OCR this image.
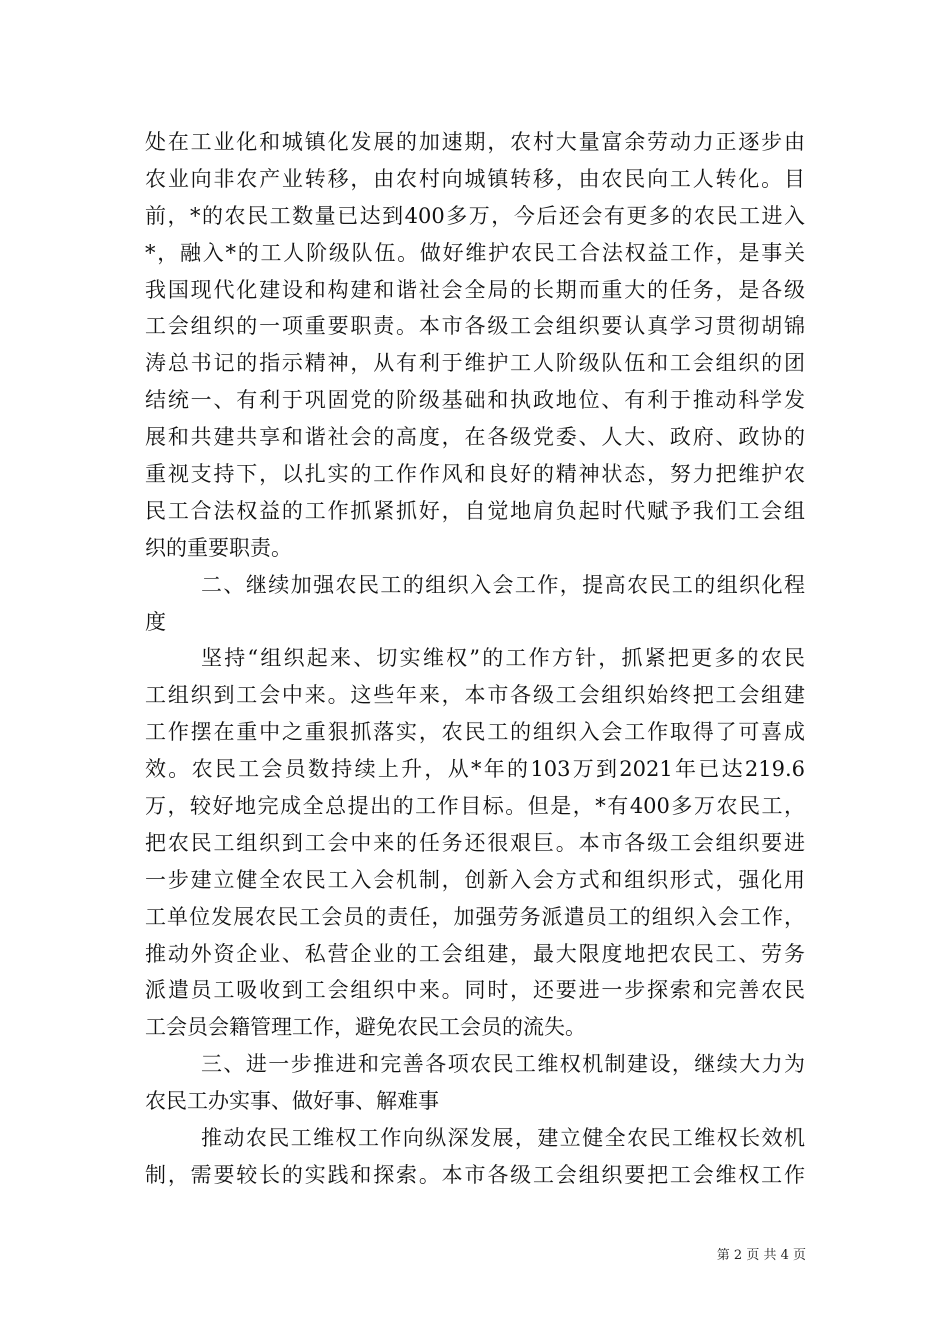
处在工业化和城镇化发展的加速期，农村大量富余劳动力正逐步由
农业向非农产业转移，由农村向城镇转移，由农民向工人转化。目
前，*的农民工数量已达到400多万，今后还会有更多的农民工进入
*，融入*的工人阶级队伍。做好维护农民工合法权益工作，是事关
我国现代化建设和构建和谐社会全局的长期而重大的任务，是各级
工会组织的一项重要职责。本市各级工会组织要认真学习贯彻胡锦
涛总书记的指示精神，从有利于维护工人阶级队伍和工会组织的团
结统一、有利于巩固党的阶级基础和执政地位、有利于推动科学发
展和共建共享和谐社会的高度，在各级党委、人大、政府、政协的
重视支持下，以扎实的工作作风和良好的精神状态，努力把维护农
民工合法权益的工作抓紧抓好，自觉地肩负起时代赋予我们工会组
织的重要职责。
二、继续加强农民工的组织入会工作，提高农民工的组织化程
度
坚持“组织起来、切实维权”的工作方针，抓紧把更多的农民
工组织到工会中来。这些年来，本市各级工会组织始终把工会组建
工作摆在重中之重狠抓落实，农民工的组织入会工作取得了可喜成
效。农民工会员数持续上升，从*年的103万到2021年已达219.6
万，较好地完成全总提出的工作目标。但是，*有400多万农民工，
把农民工组织到工会中来的任务还很艰巨。本市各级工会组织要进
一步建立健全农民工入会机制，创新入会方式和组织形式，强化用
工单位发展农民工会员的责任，加强劳务派遣员工的组织入会工作，
推动外资企业、私营企业的工会组建，最大限度地把农民工、劳务
派遣员工吸收到工会组织中来。同时，还要进一步探索和完善农民
工会员会籍管理工作，避免农民工会员的流失。
三、进一步推进和完善各项农民工维权机制建设，继续大力为
农民工办实事、做好事、解难事
推动农民工维权工作向纵深发展，建立健全农民工维权长效机
制，需要较长的实践和探索。本市各级工会组织要把工会维权工作
第 2 页 共 4 页
